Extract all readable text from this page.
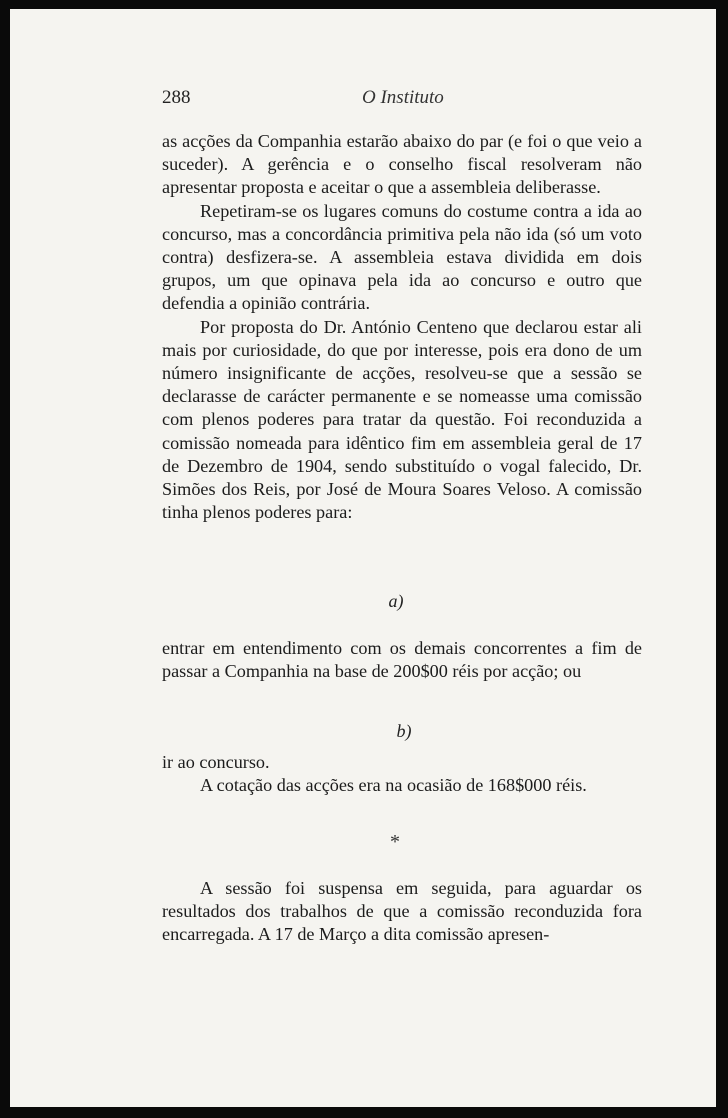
288	O Instituto

as acções da Companhia estarão abaixo do par (e foi o que veio a suceder). A gerência e o conselho fiscal resolveram não apresentar proposta e aceitar o que a assembleia deliberasse.

Repetiram-se os lugares comuns do costume contra a ida ao concurso, mas a concordância primitiva pela não ida (só um voto contra) desfizera-se. A assembleia estava dividida em dois grupos, um que opinava pela ida ao concurso e outro que defendia a opinião contrária.

Por proposta do Dr. António Centeno que declarou estar ali mais por curiosidade, do que por interesse, pois era dono de um número insignificante de acções, resolveu-se que a sessão se declarasse de carácter permanente e se nomeasse uma comissão com plenos poderes para tratar da questão. Foi reconduzida a comissão nomeada para idêntico fim em assembleia geral de 17 de Dezembro de 1904, sendo substituído o vogal falecido, Dr. Simões dos Reis, por José de Moura Soares Veloso. A comissão tinha plenos poderes para:

a)

entrar em entendimento com os demais concorrentes a fim de passar a Companhia na base de 200$00 réis por acção; ou

b)

ir ao concurso.

A cotação das acções era na ocasião de 168$000 réis.

*

A sessão foi suspensa em seguida, para aguardar os resultados dos trabalhos de que a comissão reconduzida fora encarregada. A 17 de Março a dita comissão apresen-
